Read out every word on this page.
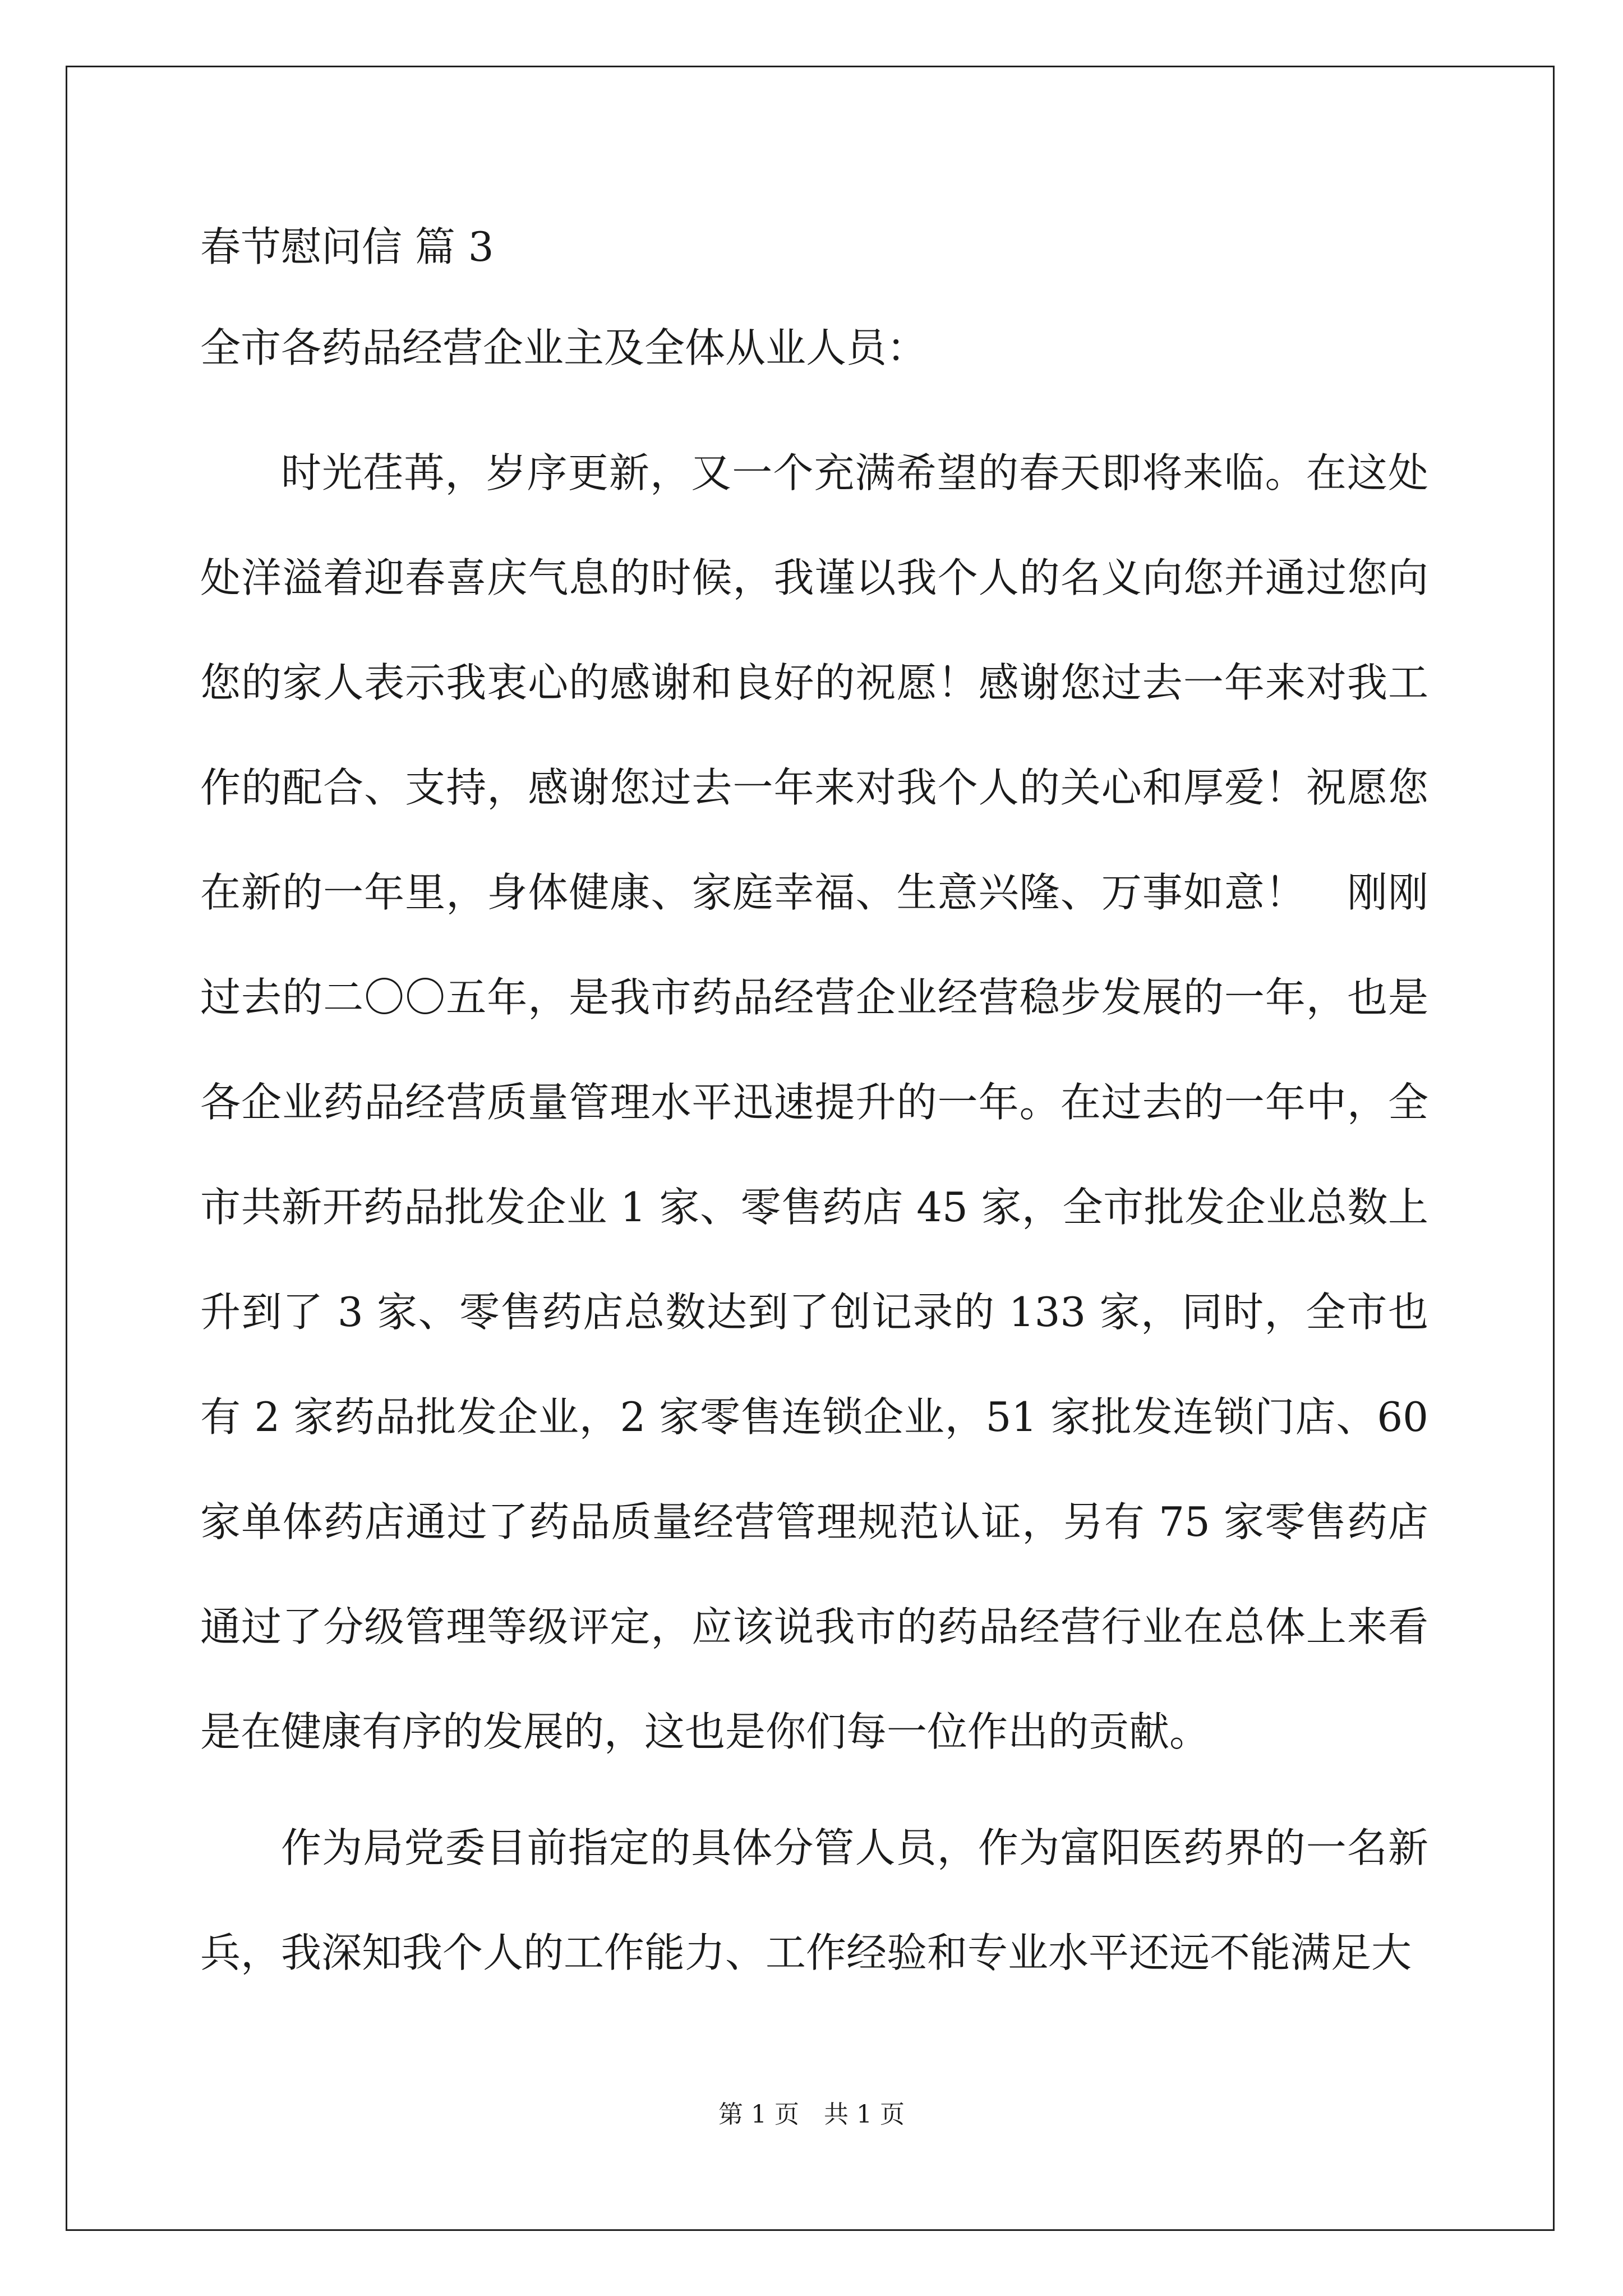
春节慰问信 篇 3

全市各药品经营企业主及全体从业人员：

时光荏苒，岁序更新，又一个充满希望的春天即将来临。在这处处洋溢着迎春喜庆气息的时候，我谨以我个人的名义向您并通过您向您的家人表示我衷心的感谢和良好的祝愿！感谢您过去一年来对我工作的配合、支持，感谢您过去一年来对我个人的关心和厚爱！祝愿您在新的一年里，身体健康、家庭幸福、生意兴隆、万事如意！　刚刚过去的二〇〇五年，是我市药品经营企业经营稳步发展的一年，也是各企业药品经营质量管理水平迅速提升的一年。在过去的一年中，全市共新开药品批发企业 1 家、零售药店 45 家，全市批发企业总数上升到了 3 家、零售药店总数达到了创记录的 133 家，同时，全市也有 2 家药品批发企业，2 家零售连锁企业，51 家批发连锁门店、60 家单体药店通过了药品质量经营管理规范认证，另有 75 家零售药店通过了分级管理等级评定，应该说我市的药品经营行业在总体上来看是在健康有序的发展的，这也是你们每一位作出的贡献。

作为局党委目前指定的具体分管人员，作为富阳医药界的一名新兵，我深知我个人的工作能力、工作经验和专业水平还远不能满足大

第 1 页　共 1 页
